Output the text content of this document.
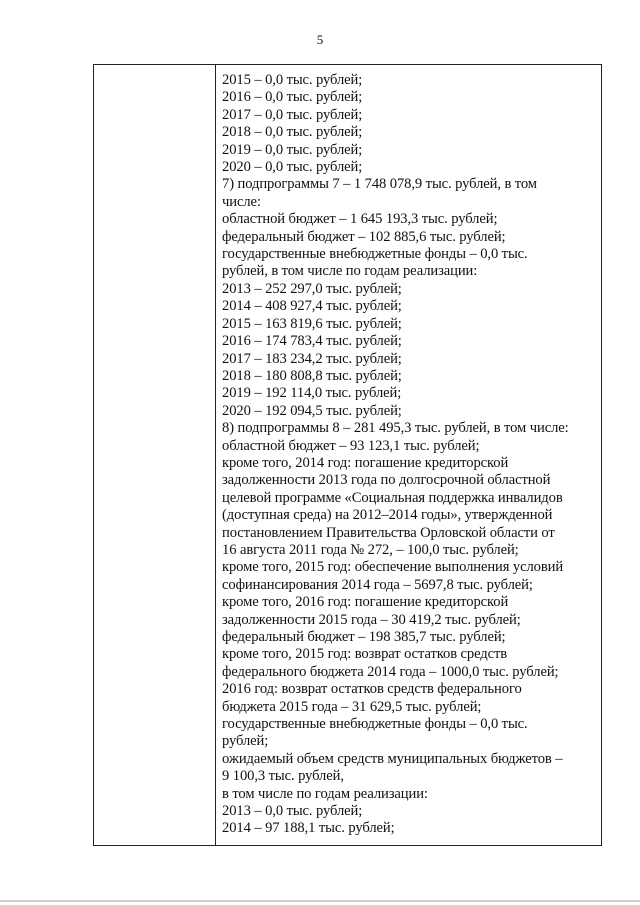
5
2015 – 0,0 тыс. рублей;
2016 – 0,0 тыс. рублей;
2017 – 0,0 тыс. рублей;
2018 – 0,0 тыс. рублей;
2019 – 0,0 тыс. рублей;
2020 – 0,0 тыс. рублей;
7) подпрограммы 7 – 1 748 078,9 тыс. рублей, в том
числе:
областной бюджет – 1 645 193,3 тыс. рублей;
федеральный бюджет – 102 885,6 тыс. рублей;
государственные внебюджетные фонды – 0,0 тыс.
рублей, в том числе по годам реализации:
2013 – 252 297,0 тыс. рублей;
2014 – 408 927,4 тыс. рублей;
2015 – 163 819,6 тыс. рублей;
2016 – 174 783,4 тыс. рублей;
2017 – 183 234,2 тыс. рублей;
2018 – 180 808,8 тыс. рублей;
2019 – 192 114,0 тыс. рублей;
2020 – 192 094,5 тыс. рублей;
8) подпрограммы 8 – 281 495,3 тыс. рублей, в том числе:
областной бюджет – 93 123,1 тыс. рублей;
кроме того, 2014 год: погашение кредиторской
задолженности 2013 года по долгосрочной областной
целевой программе «Социальная поддержка инвалидов
(доступная среда) на 2012–2014 годы», утвержденной
постановлением Правительства Орловской области от
16 августа 2011 года № 272, – 100,0 тыс. рублей;
кроме того, 2015 год: обеспечение выполнения условий
софинансирования 2014 года – 5697,8 тыс. рублей;
кроме того, 2016 год: погашение кредиторской
задолженности 2015 года – 30 419,2 тыс. рублей;
федеральный бюджет – 198 385,7 тыс. рублей;
кроме того, 2015 год: возврат остатков средств
федерального бюджета 2014 года – 1000,0 тыс. рублей;
2016 год: возврат остатков средств федерального
бюджета 2015 года – 31 629,5 тыс. рублей;
государственные внебюджетные фонды – 0,0 тыс.
рублей;
ожидаемый объем средств муниципальных бюджетов –
9 100,3 тыс. рублей,
в том числе по годам реализации:
2013 – 0,0 тыс. рублей;
2014 – 97 188,1 тыс. рублей;
